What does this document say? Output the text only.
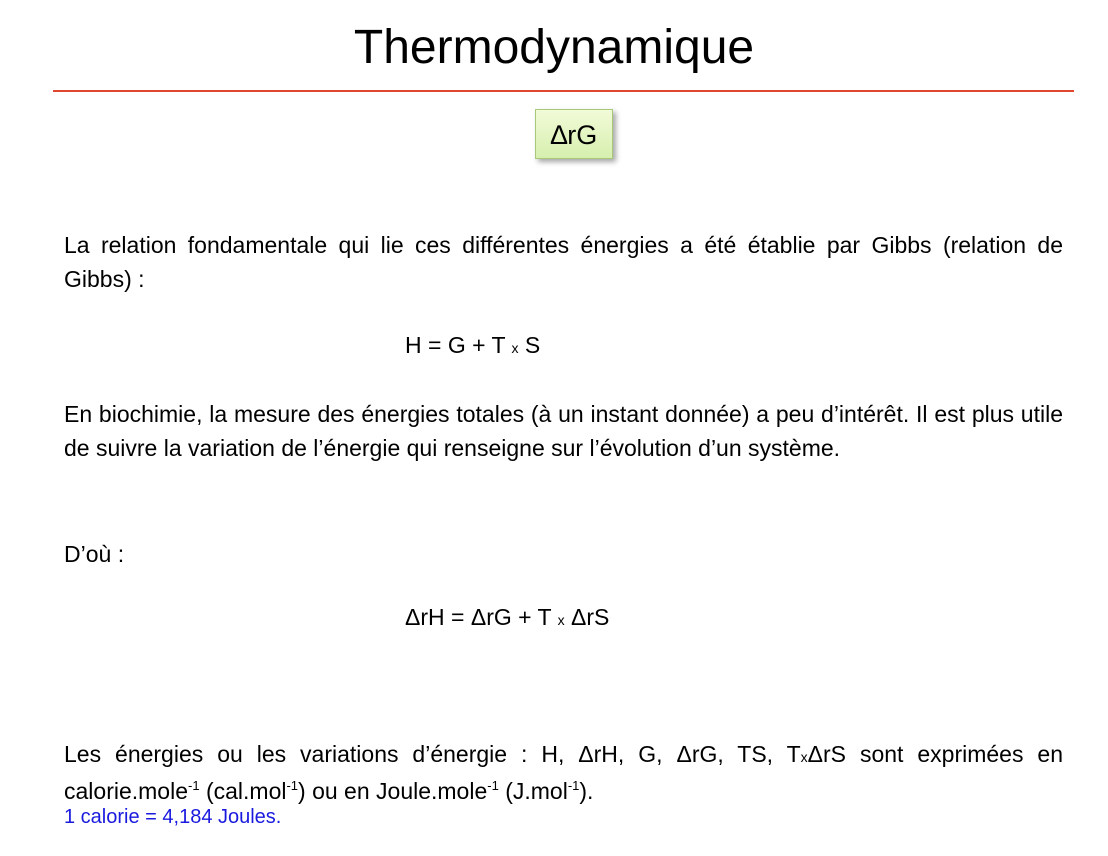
Thermodynamique
∆rG

La relation fondamentale qui lie ces différentes énergies a été établie par Gibbs (relation de Gibbs) :

H = G + T x S

En biochimie, la mesure des énergies totales (à un instant donnée) a peu d’intérêt. Il est plus utile de suivre la variation de l’énergie qui renseigne sur l’évolution d’un système.

D’où :

ΔrH = ΔrG + T x ΔrS

Les énergies ou les variations d’énergie : H, ΔrH, G, ΔrG, TS, TxΔrS sont exprimées en calorie.mole$^{-1}$ (cal.mol$^{-1}$) ou en Joule.mole$^{-1}$ (J.mol$^{-1}$).

1 calorie = 4,184 Joules.
